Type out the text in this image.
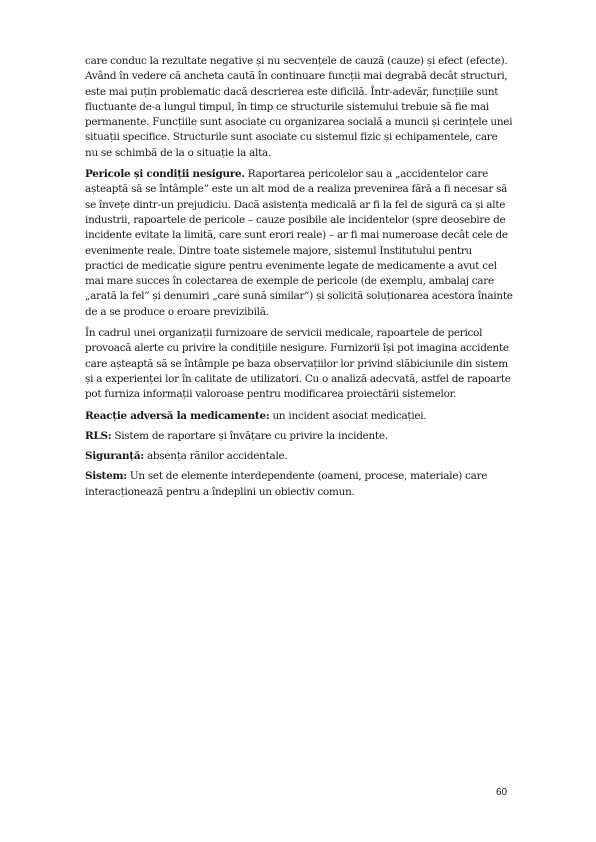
care conduc la rezultate negative și nu secvențele de cauză (cauze) și efect (efecte). Având în vedere că ancheta caută în continuare funcții mai degrabă decât structuri, este mai puțin problematic dacă descrierea este dificilă. Într-adevăr, funcțiile sunt fluctuante de-a lungul timpul, în timp ce structurile sistemului trebuie să fie mai permanente. Funcțiile sunt asociate cu organizarea socială a muncii și cerințele unei situații specifice. Structurile sunt asociate cu sistemul fizic și echipamentele, care nu se schimbă de la o situație la alta.

Pericole și condiții nesigure. Raportarea pericolelor sau a „accidentelor care așteaptă să se întâmple” este un alt mod de a realiza prevenirea fără a fi necesar să se învețe dintr-un prejudiciu. Dacă asistența medicală ar fi la fel de sigură ca și alte industrii, rapoartele de pericole – cauze posibile ale incidentelor (spre deosebire de incidente evitate la limită, care sunt erori reale) – ar fi mai numeroase decât cele de evenimente reale. Dintre toate sistemele majore, sistemul Institutului pentru practici de medicație sigure pentru evenimente legate de medicamente a avut cel mai mare succes în colectarea de exemple de pericole (de exemplu, ambalaj care „arată la fel” și denumiri „care sună similar”) și solicită soluționarea acestora înainte de a se produce o eroare previzibilă.

În cadrul unei organizații furnizoare de servicii medicale, rapoartele de pericol provoacă alerte cu privire la condițiile nesigure. Furnizorii își pot imagina accidente care așteaptă să se întâmple pe baza observațiilor lor privind slăbiciunile din sistem și a experienței lor în calitate de utilizatori. Cu o analiză adecvată, astfel de rapoarte pot furniza informații valoroase pentru modificarea proiectării sistemelor.

Reacție adversă la medicamente: un incident asociat medicației.

RLS: Sistem de raportare și învățare cu privire la incidente.

Siguranță: absența rănilor accidentale.

Sistem: Un set de elemente interdependente (oameni, procese, materiale) care interacționează pentru a îndeplini un obiectiv comun.

60
